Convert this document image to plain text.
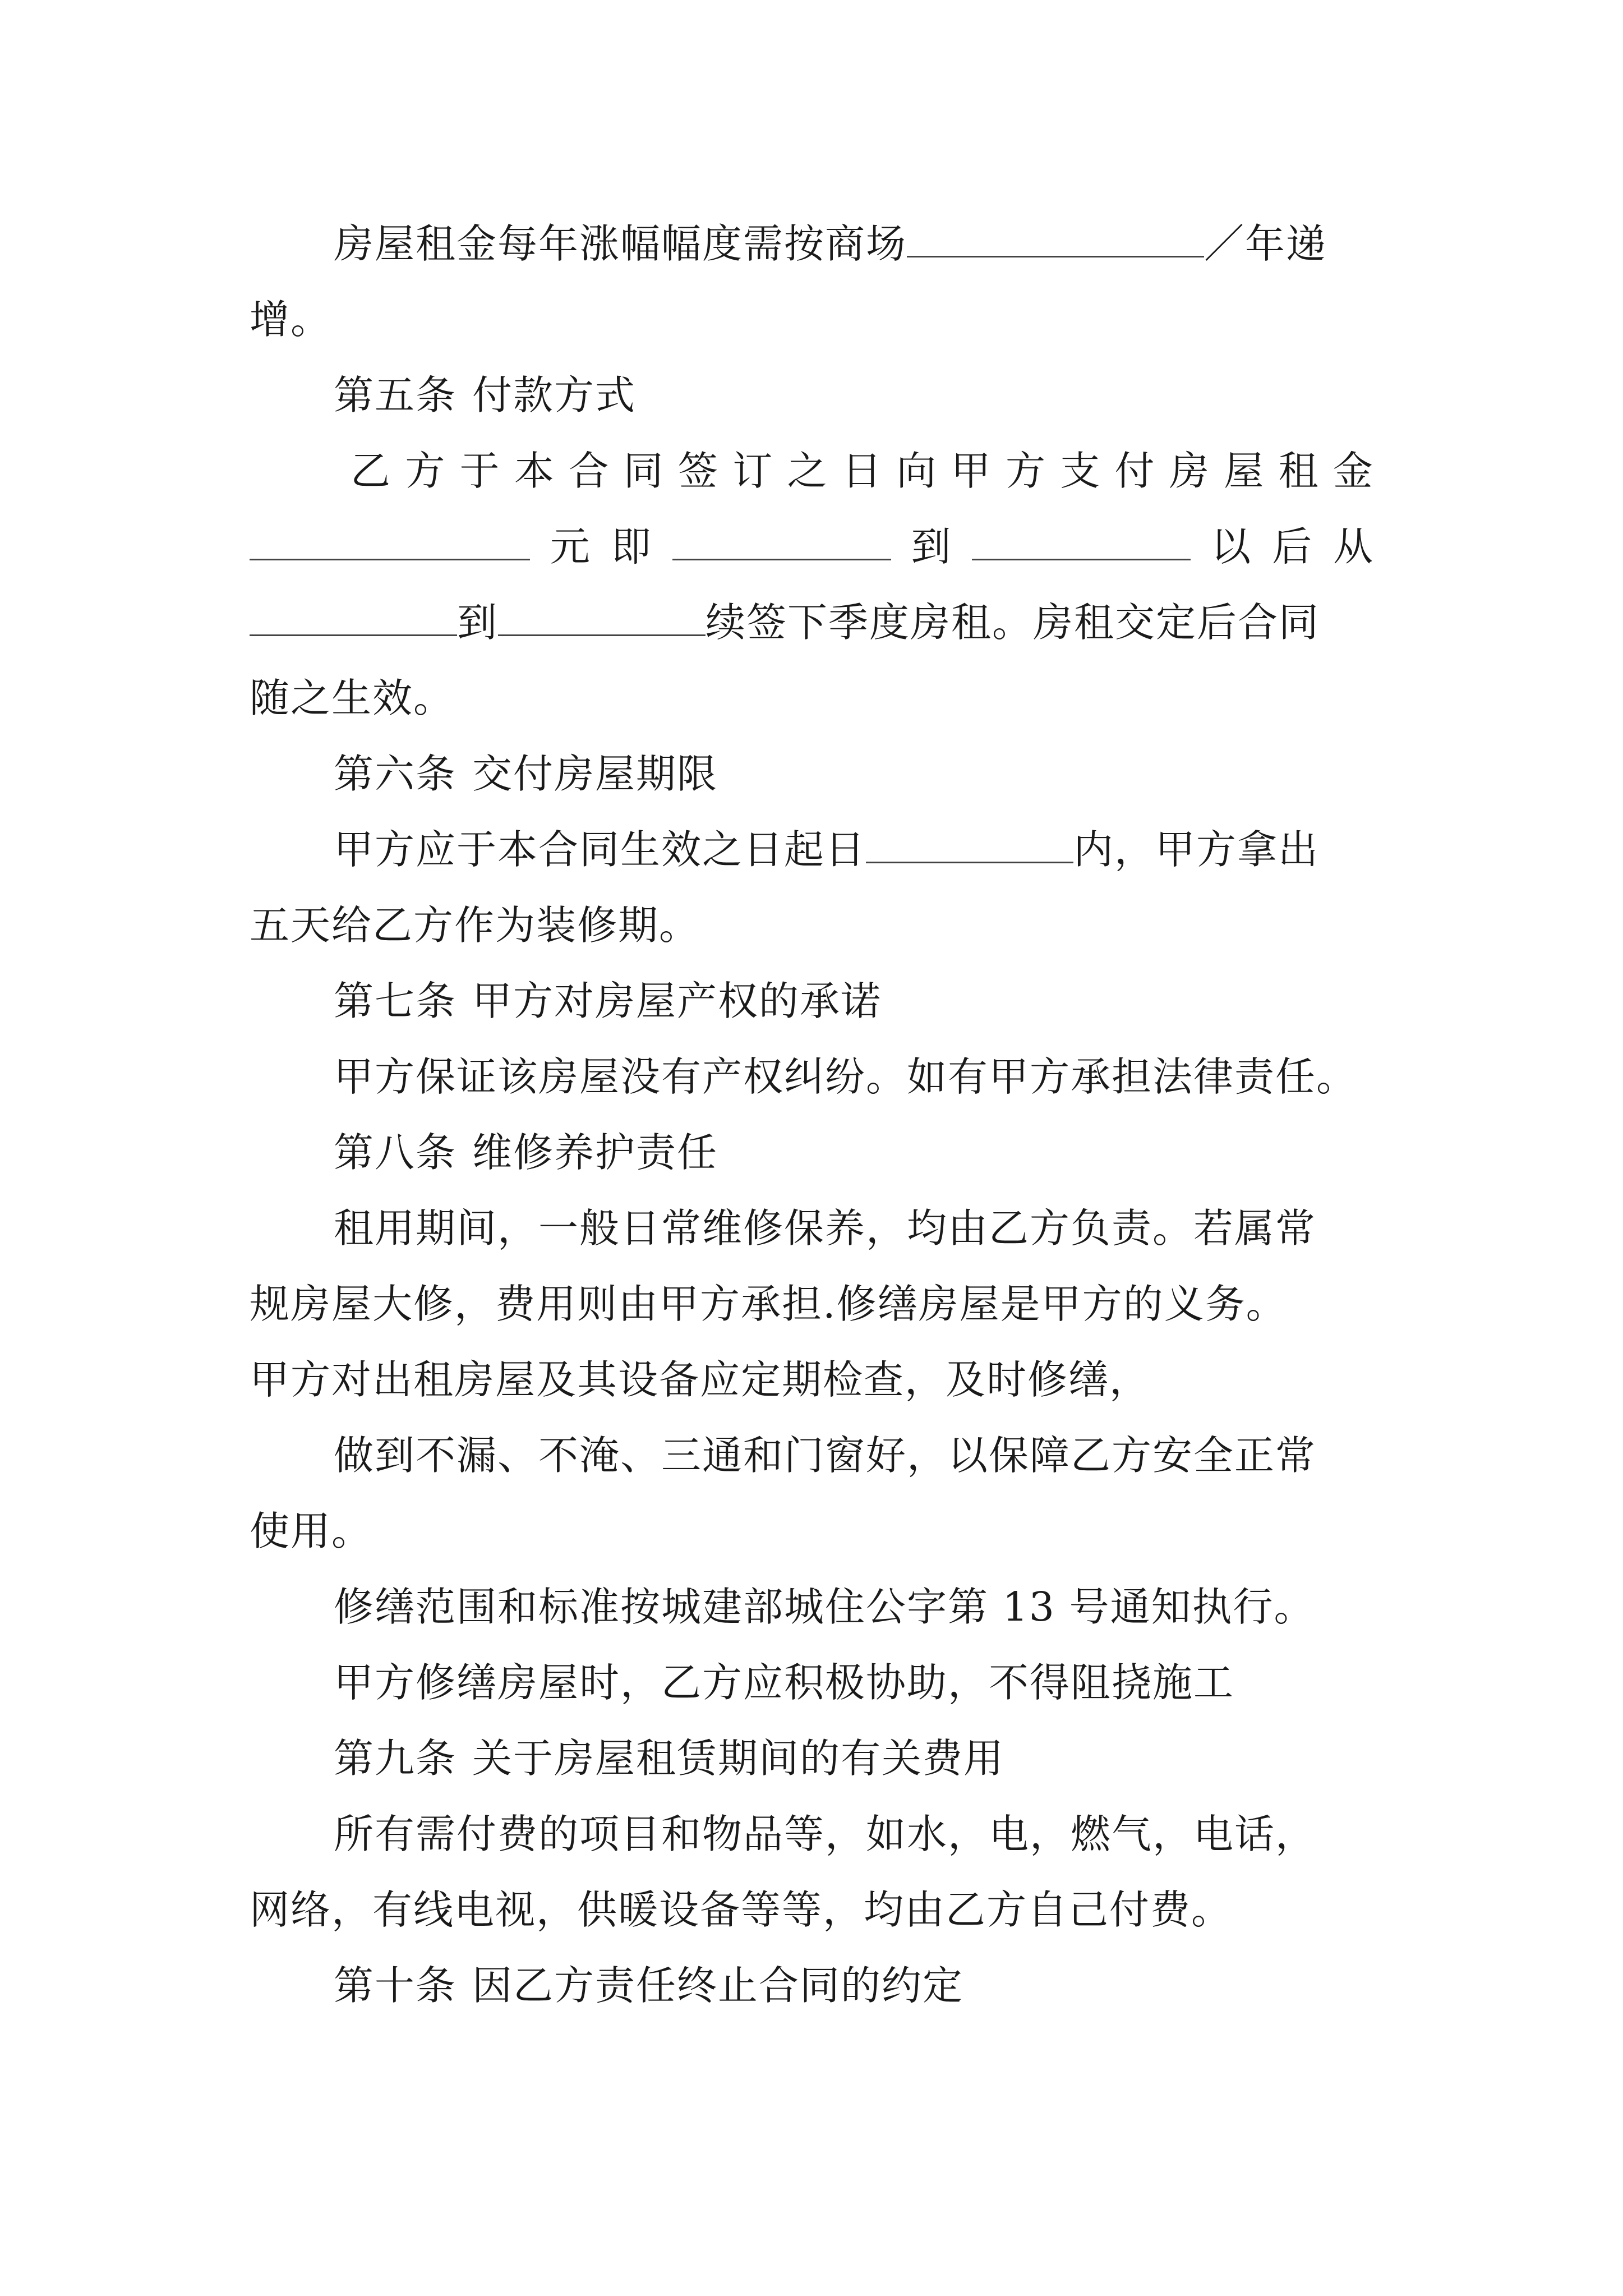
房屋租金每年涨幅幅度需按商场	／年递
增。
第五条 付款方式
乙 方 于 本 合 同 签 订 之 日 向 甲 方 支 付 房 屋 租 金
元 即	到	以 后 从
到	续签下季度房租。房租交定后合同
随之生效。
第六条 交付房屋期限
甲方应于本合同生效之日起日	内，甲方拿出
五天给乙方作为装修期。
第七条 甲方对房屋产权的承诺
甲方保证该房屋没有产权纠纷。如有甲方承担法律责任。
第八条 维修养护责任
租用期间，一般日常维修保养，均由乙方负责。若属常
规房屋大修，费用则由甲方承担.修缮房屋是甲方的义务。
甲方对出租房屋及其设备应定期检查，及时修缮，
做到不漏、不淹、三通和门窗好，以保障乙方安全正常
使用。
修缮范围和标准按城建部城住公字第 13 号通知执行。
甲方修缮房屋时，乙方应积极协助，不得阻挠施工
第九条 关于房屋租赁期间的有关费用
所有需付费的项目和物品等，如水，电，燃气，电话，
网络，有线电视，供暖设备等等，均由乙方自己付费。
第十条 因乙方责任终止合同的约定
